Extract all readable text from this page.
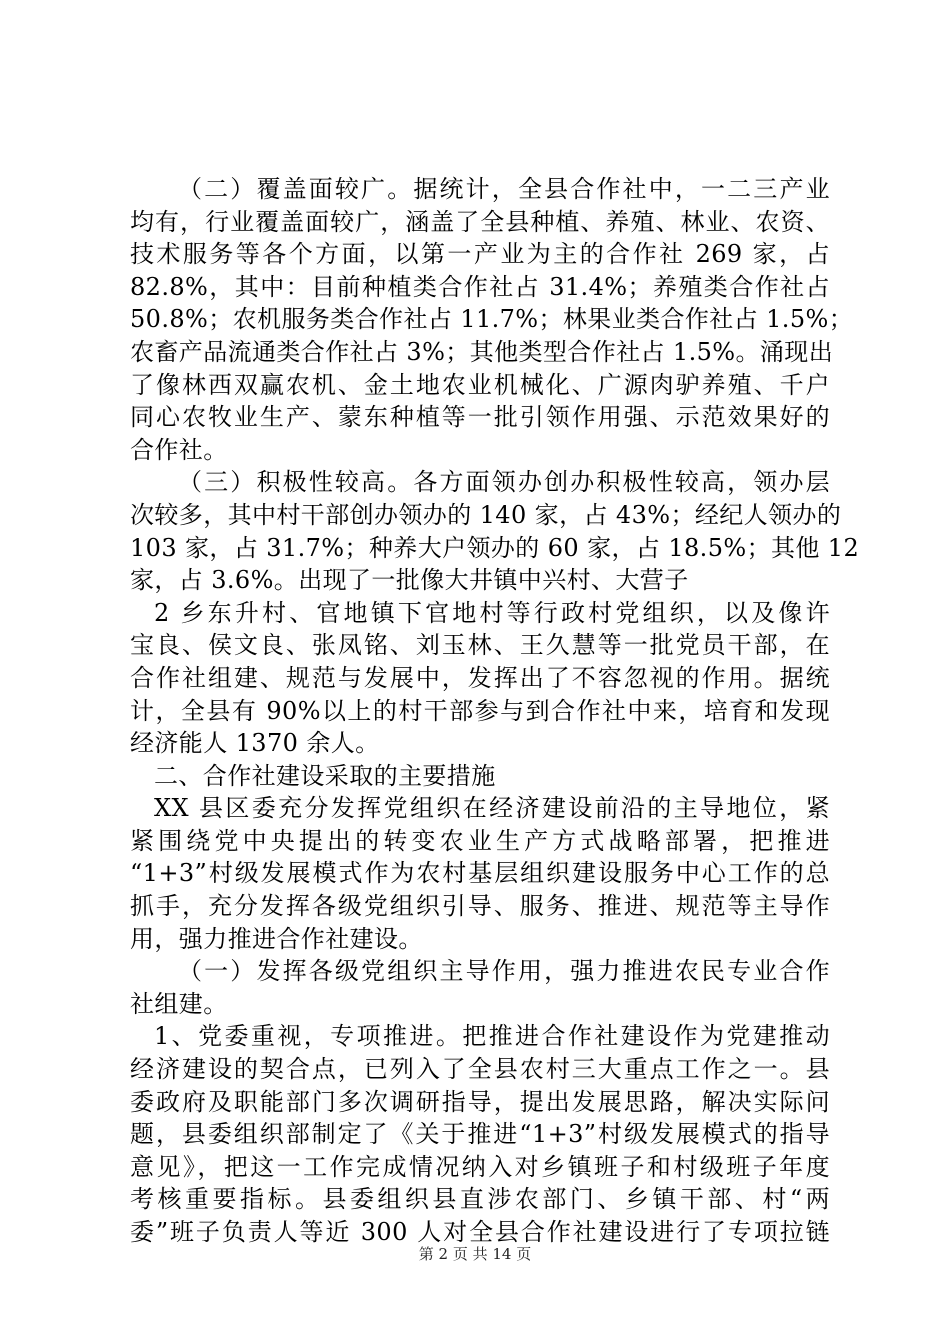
（二）覆盖面较广。据统计，全县合作社中，一二三产业
均有，行业覆盖面较广，涵盖了全县种植、养殖、林业、农资、
技术服务等各个方面，以第一产业为主的合作社 269 家，占
82.8%，其中：目前种植类合作社占 31.4%；养殖类合作社占
50.8%；农机服务类合作社占 11.7%；林果业类合作社占 1.5%；
农畜产品流通类合作社占 3%；其他类型合作社占 1.5%。涌现出
了像林西双赢农机、金土地农业机械化、广源肉驴养殖、千户
同心农牧业生产、蒙东种植等一批引领作用强、示范效果好的
合作社。
（三）积极性较高。各方面领办创办积极性较高，领办层
次较多，其中村干部创办领办的 140 家，占 43%；经纪人领办的
103 家，占 31.7%；种养大户领办的 60 家，占 18.5%；其他 12
家，占 3.6%。出现了一批像大井镇中兴村、大营子
2 乡东升村、官地镇下官地村等行政村党组织，以及像许
宝良、侯文良、张凤铭、刘玉林、王久慧等一批党员干部，在
合作社组建、规范与发展中，发挥出了不容忽视的作用。据统
计，全县有 90%以上的村干部参与到合作社中来，培育和发现
经济能人 1370 余人。
二、合作社建设采取的主要措施
XX 县区委充分发挥党组织在经济建设前沿的主导地位，紧
紧围绕党中央提出的转变农业生产方式战略部署，把推进
“1+3”村级发展模式作为农村基层组织建设服务中心工作的总
抓手，充分发挥各级党组织引导、服务、推进、规范等主导作
用，强力推进合作社建设。
（一）发挥各级党组织主导作用，强力推进农民专业合作
社组建。
1、党委重视，专项推进。把推进合作社建设作为党建推动
经济建设的契合点，已列入了全县农村三大重点工作之一。县
委政府及职能部门多次调研指导，提出发展思路，解决实际问
题，县委组织部制定了《关于推进“1+3”村级发展模式的指导
意见》，把这一工作完成情况纳入对乡镇班子和村级班子年度
考核重要指标。县委组织县直涉农部门、乡镇干部、村“两
委”班子负责人等近 300 人对全县合作社建设进行了专项拉链
第 2 页 共 14 页
